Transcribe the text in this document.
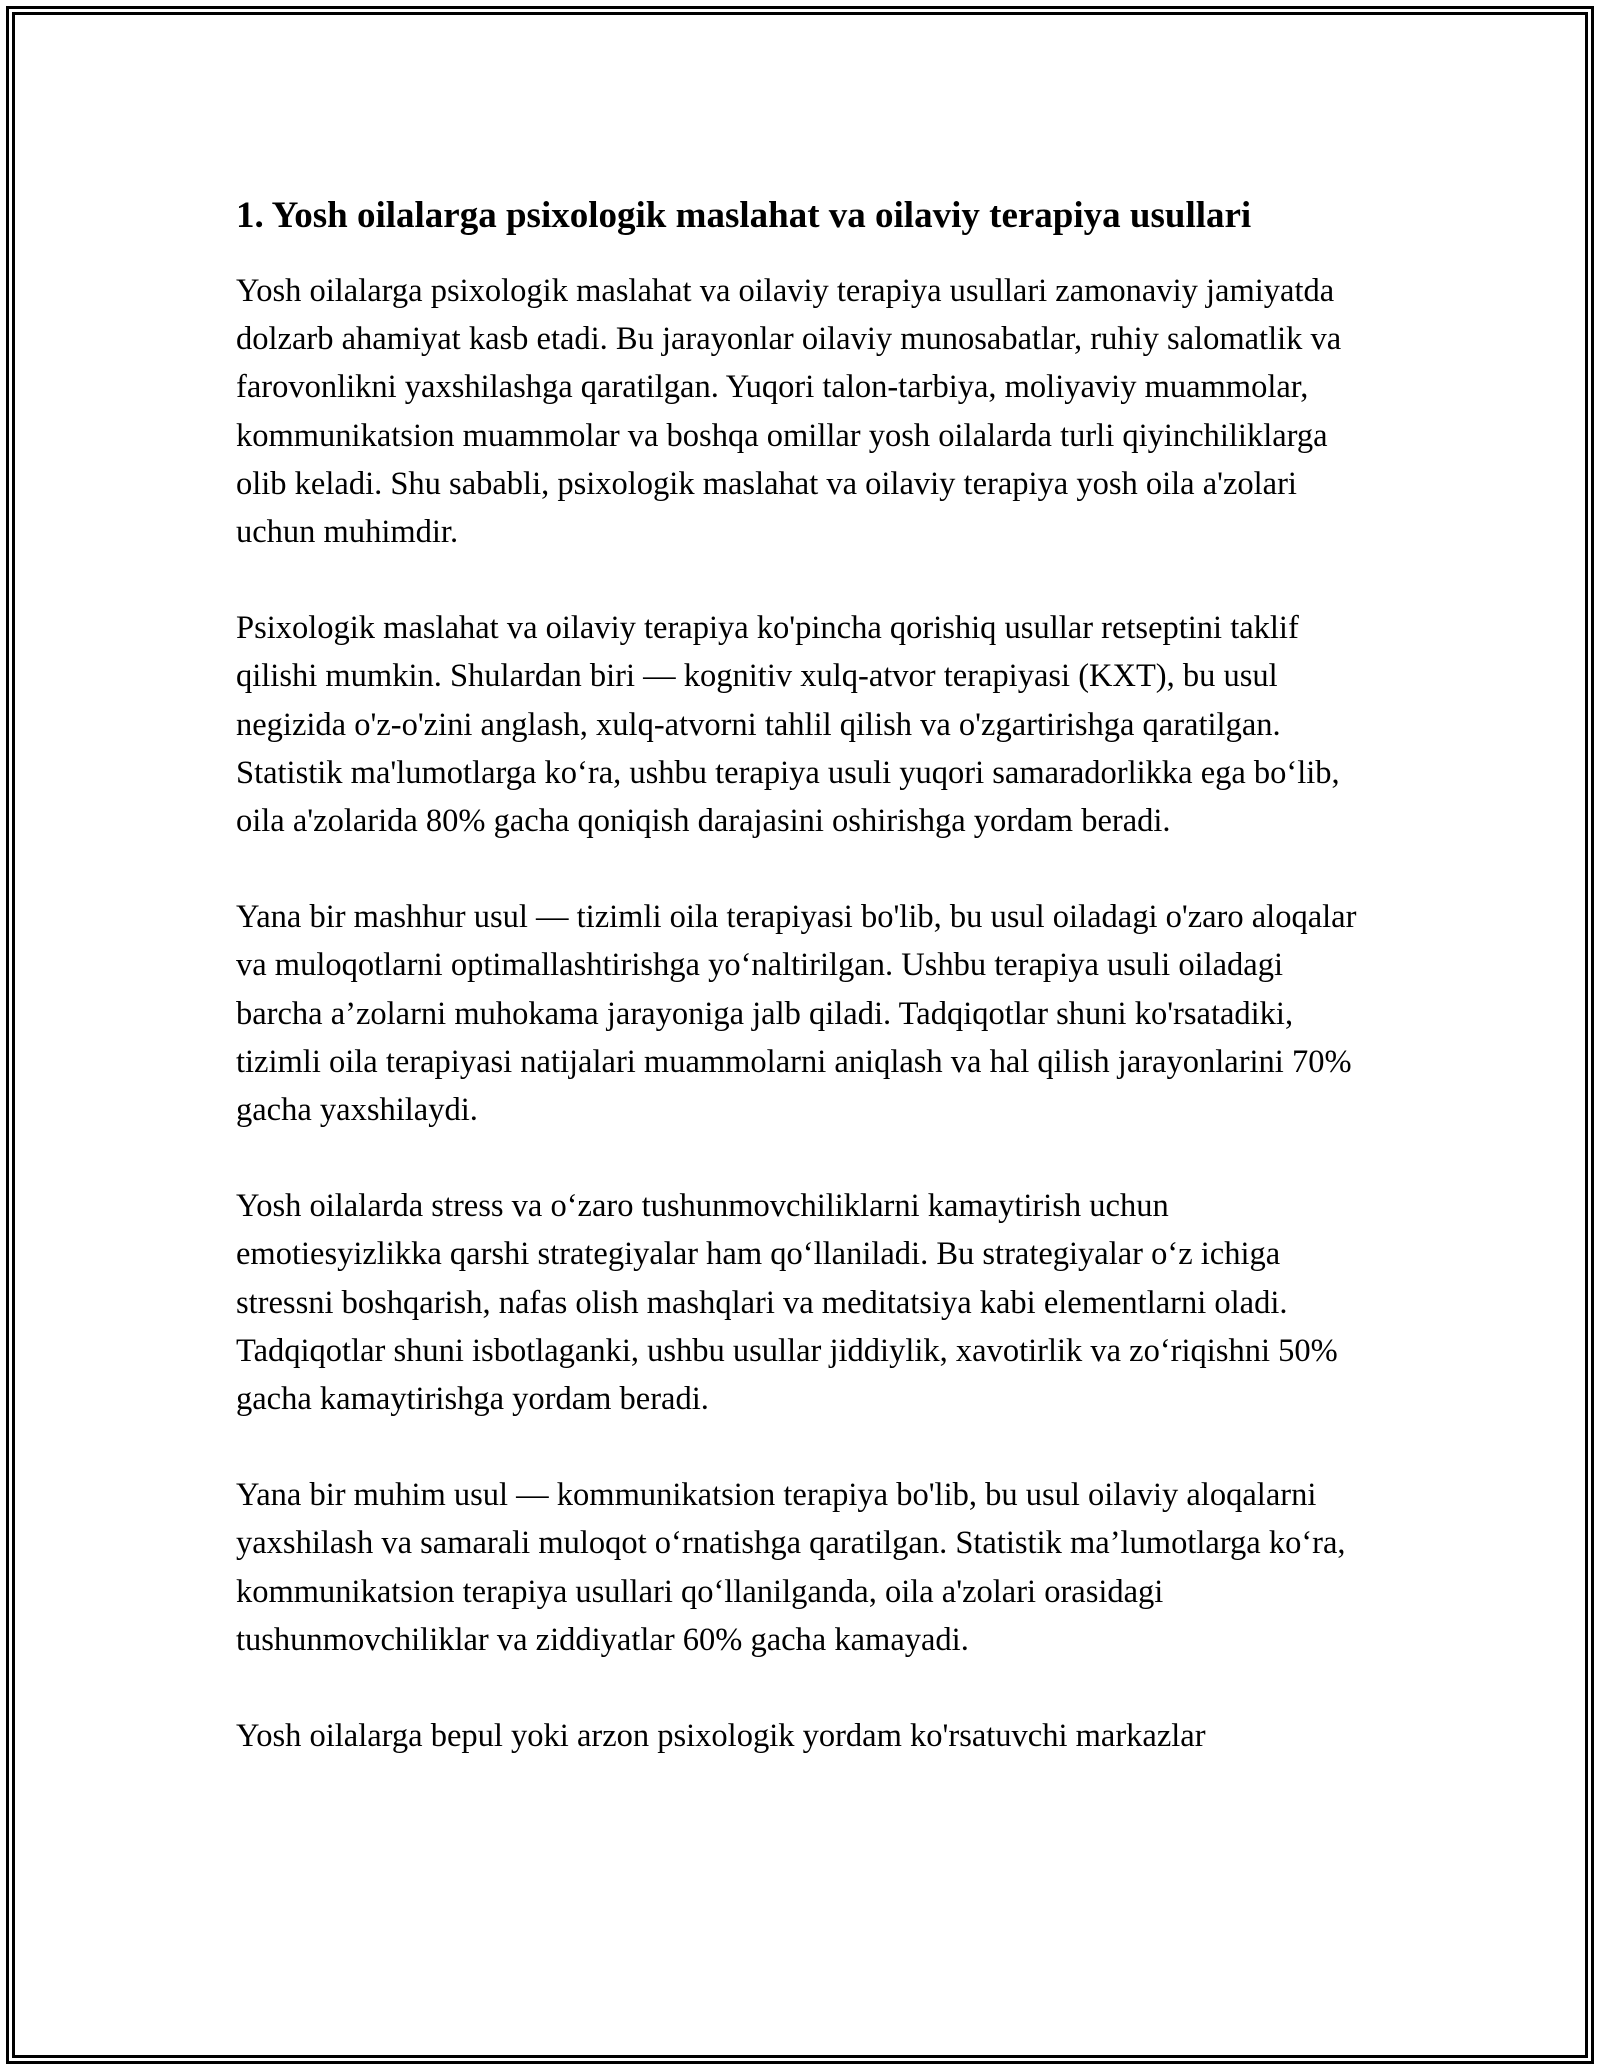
1. Yosh oilalarga psixologik maslahat va oilaviy terapiya usullari

Yosh oilalarga psixologik maslahat va oilaviy terapiya usullari zamonaviy jamiyatda dolzarb ahamiyat kasb etadi. Bu jarayonlar oilaviy munosabatlar, ruhiy salomatlik va farovonlikni yaxshilashga qaratilgan. Yuqori talon-tarbiya, moliyaviy muammolar, kommunikatsion muammolar va boshqa omillar yosh oilalarda turli qiyinchiliklarga olib keladi. Shu sababli, psixologik maslahat va oilaviy terapiya yosh oila a'zolari uchun muhimdir.

Psixologik maslahat va oilaviy terapiya ko'pincha qorishiq usullar retseptini taklif qilishi mumkin. Shulardan biri — kognitiv xulq-atvor terapiyasi (KXT), bu usul negizida o'z-o'zini anglash, xulq-atvorni tahlil qilish va o'zgartirishga qaratilgan. Statistik ma'lumotlarga ko‘ra, ushbu terapiya usuli yuqori samaradorlikka ega bo‘lib, oila a'zolarida 80% gacha qoniqish darajasini oshirishga yordam beradi.

Yana bir mashhur usul — tizimli oila terapiyasi bo'lib, bu usul oiladagi o'zaro aloqalar va muloqotlarni optimallashtirishga yo‘naltirilgan. Ushbu terapiya usuli oiladagi barcha a’zolarni muhokama jarayoniga jalb qiladi. Tadqiqotlar shuni ko'rsatadiki, tizimli oila terapiyasi natijalari muammolarni aniqlash va hal qilish jarayonlarini 70% gacha yaxshilaydi.

Yosh oilalarda stress va o‘zaro tushunmovchiliklarni kamaytirish uchun emotiesyizlikka qarshi strategiyalar ham qo‘llaniladi. Bu strategiyalar o‘z ichiga stressni boshqarish, nafas olish mashqlari va meditatsiya kabi elementlarni oladi. Tadqiqotlar shuni isbotlaganki, ushbu usullar jiddiylik, xavotirlik va zo‘riqishni 50% gacha kamaytirishga yordam beradi.

Yana bir muhim usul — kommunikatsion terapiya bo'lib, bu usul oilaviy aloqalarni yaxshilash va samarali muloqot o‘rnatishga qaratilgan. Statistik ma’lumotlarga ko‘ra, kommunikatsion terapiya usullari qo‘llanilganda, oila a'zolari orasidagi tushunmovchiliklar va ziddiyatlar 60% gacha kamayadi.

Yosh oilalarga bepul yoki arzon psixologik yordam ko'rsatuvchi markazlar
